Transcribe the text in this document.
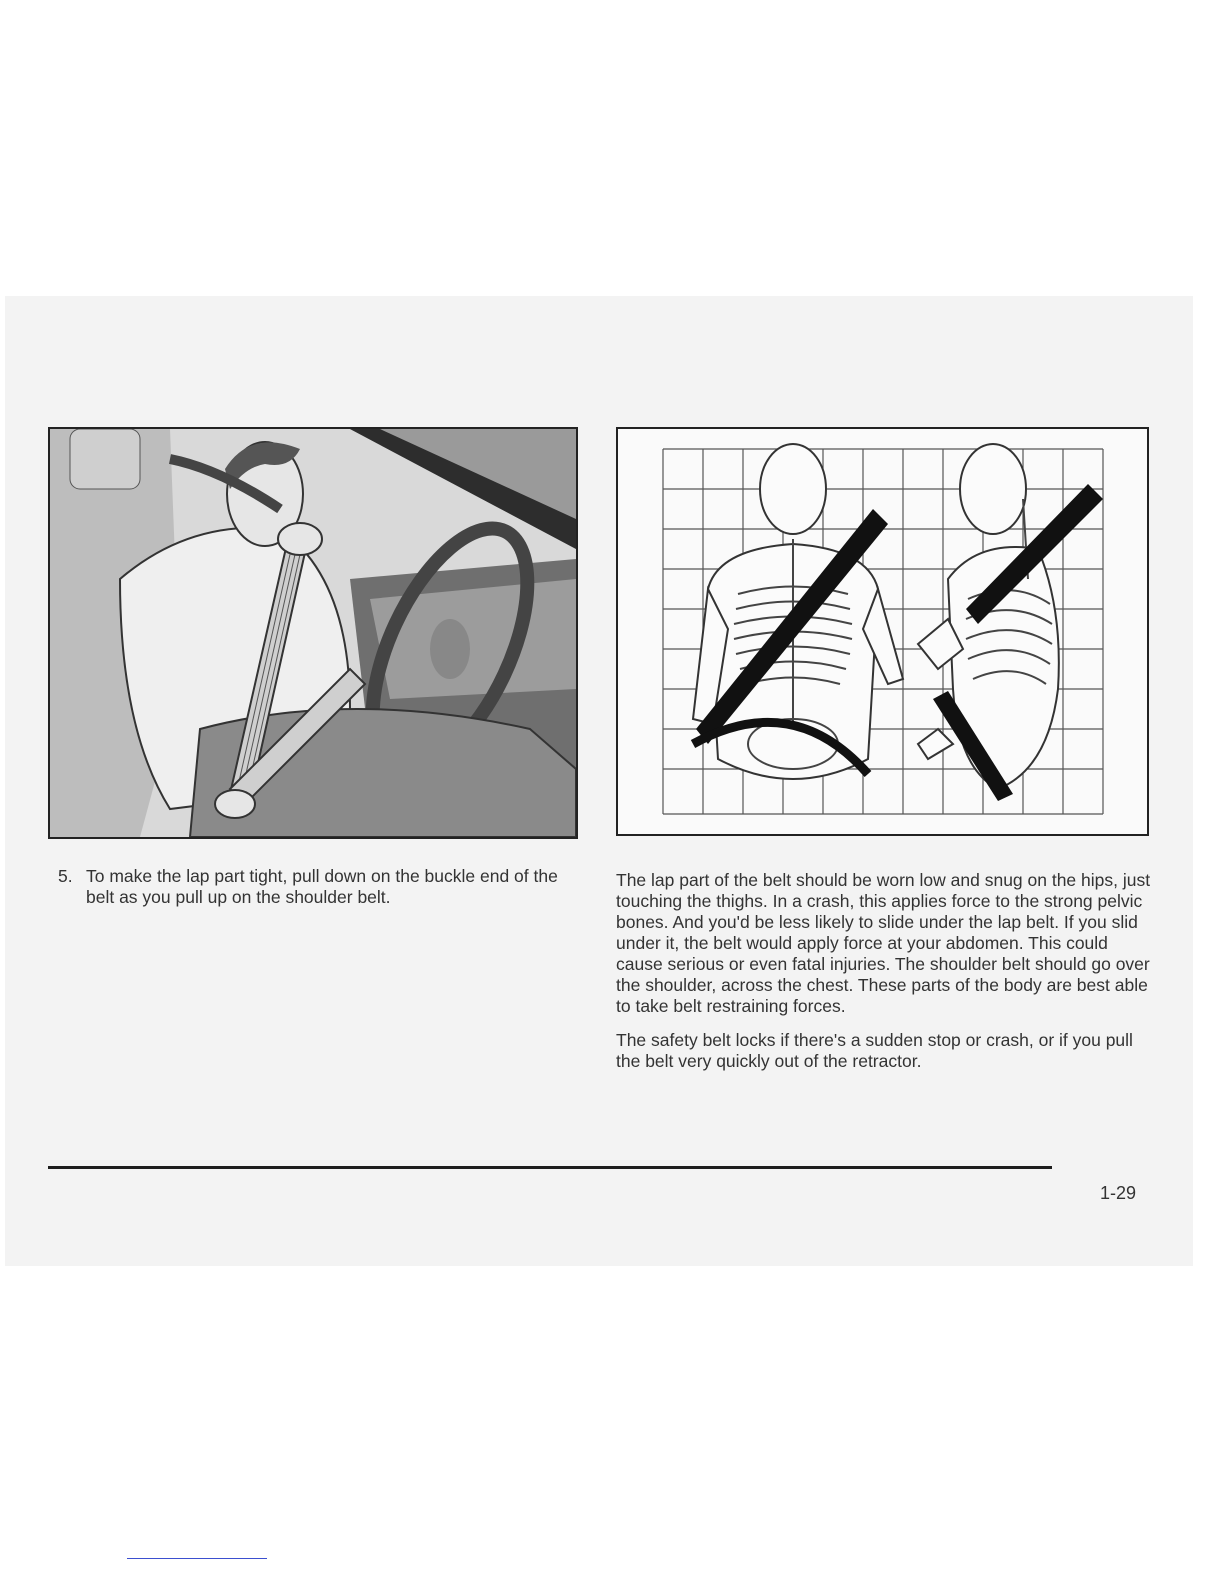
5. To make the lap part tight, pull down on the buckle end of the belt as you pull up on the shoulder belt.

The lap part of the belt should be worn low and snug on the hips, just touching the thighs. In a crash, this applies force to the strong pelvic bones. And you'd be less likely to slide under the lap belt. If you slid under it, the belt would apply force at your abdomen. This could cause serious or even fatal injuries. The shoulder belt should go over the shoulder, across the chest. These parts of the body are best able to take belt restraining forces.

The safety belt locks if there's a sudden stop or crash, or if you pull the belt very quickly out of the retractor.

1-29
